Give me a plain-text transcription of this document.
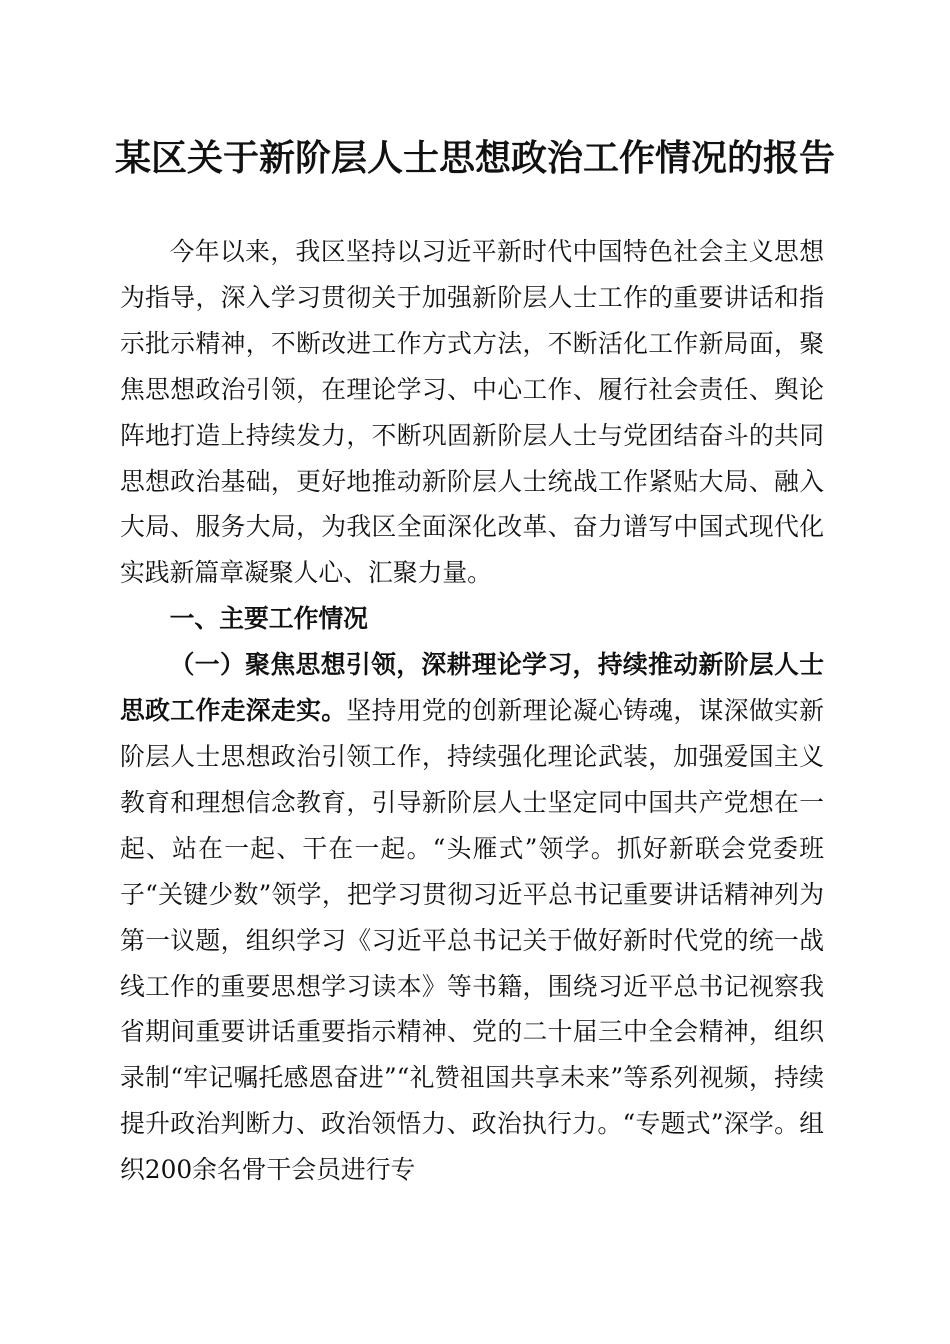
某区关于新阶层人士思想政治工作情况的报告

今年以来，我区坚持以习近平新时代中国特色社会主义思想为指导，深入学习贯彻关于加强新阶层人士工作的重要讲话和指示批示精神，不断改进工作方式方法，不断活化工作新局面，聚焦思想政治引领，在理论学习、中心工作、履行社会责任、舆论阵地打造上持续发力，不断巩固新阶层人士与党团结奋斗的共同思想政治基础，更好地推动新阶层人士统战工作紧贴大局、融入大局、服务大局，为我区全面深化改革、奋力谱写中国式现代化实践新篇章凝聚人心、汇聚力量。

一、主要工作情况

（一）聚焦思想引领，深耕理论学习，持续推动新阶层人士思政工作走深走实。坚持用党的创新理论凝心铸魂，谋深做实新阶层人士思想政治引领工作，持续强化理论武装，加强爱国主义教育和理想信念教育，引导新阶层人士坚定同中国共产党想在一起、站在一起、干在一起。“头雁式”领学。抓好新联会党委班子“关键少数”领学，把学习贯彻习近平总书记重要讲话精神列为第一议题，组织学习《习近平总书记关于做好新时代党的统一战线工作的重要思想学习读本》等书籍，围绕习近平总书记视察我省期间重要讲话重要指示精神、党的二十届三中全会精神，组织录制“牢记嘱托感恩奋进”“礼赞祖国共享未来”等系列视频，持续提升政治判断力、政治领悟力、政治执行力。“专题式”深学。组织200余名骨干会员进行专
